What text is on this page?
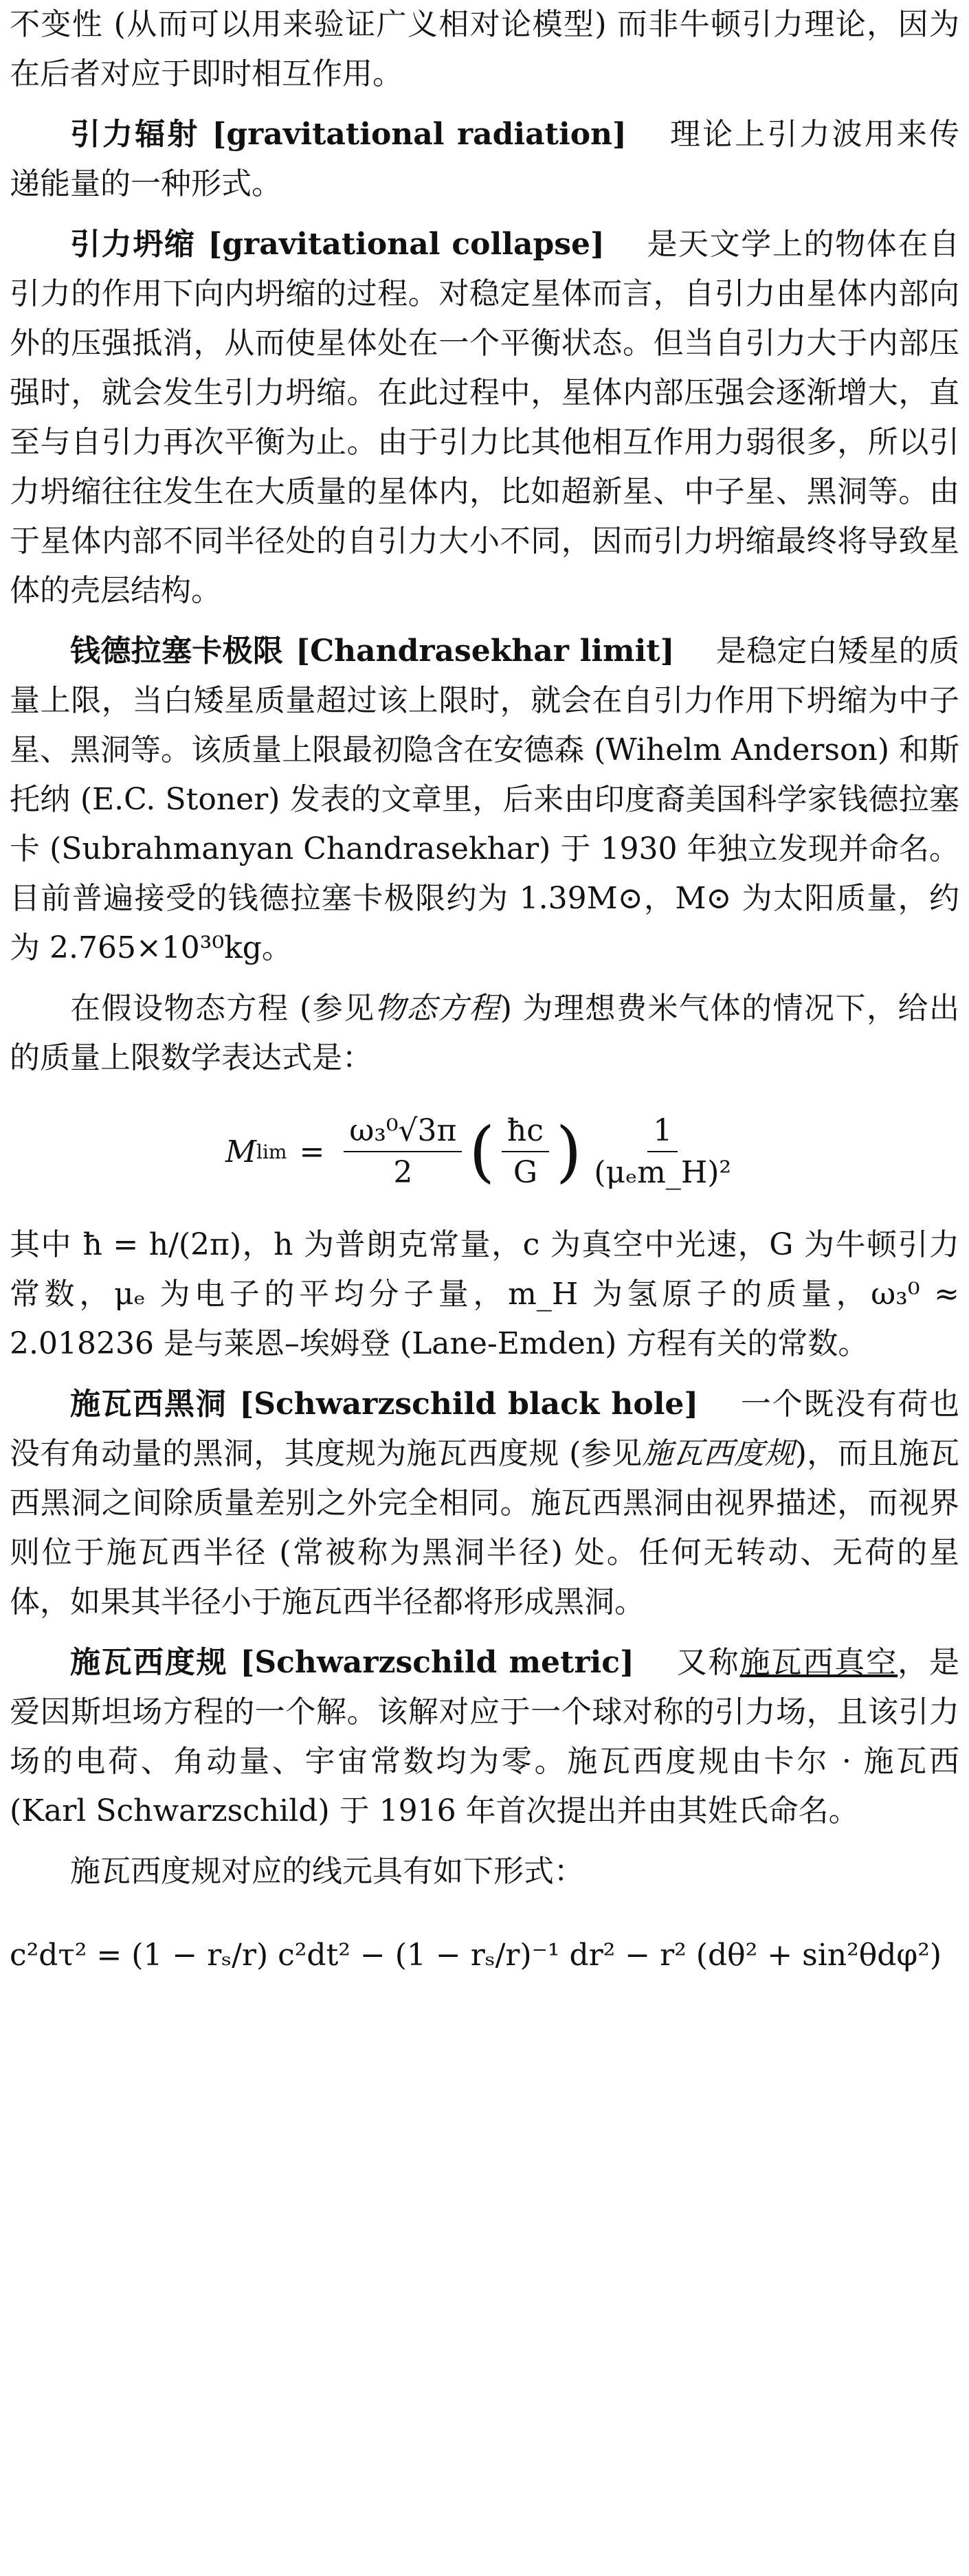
不变性 (从而可以用来验证广义相对论模型) 而非牛顿引力理论，因为在后者对应于即时相互作用。

引力辐射 [gravitational radiation] 理论上引力波用来传递能量的一种形式。

引力坍缩 [gravitational collapse] 是天文学上的物体在自引力的作用下向内坍缩的过程。对稳定星体而言，自引力由星体内部向外的压强抵消，从而使星体处在一个平衡状态。但当自引力大于内部压强时，就会发生引力坍缩。在此过程中，星体内部压强会逐渐增大，直至与自引力再次平衡为止。由于引力比其他相互作用力弱很多，所以引力坍缩往往发生在大质量的星体内，比如超新星、中子星、黑洞等。由于星体内部不同半径处的自引力大小不同，因而引力坍缩最终将导致星体的壳层结构。

钱德拉塞卡极限 [Chandrasekhar limit] 是稳定白矮星的质量上限，当白矮星质量超过该上限时，就会在自引力作用下坍缩为中子星、黑洞等。该质量上限最初隐含在安德森 (Wihelm Anderson) 和斯托纳 (E.C. Stoner) 发表的文章里，后来由印度裔美国科学家钱德拉塞卡 (Subrahmanyan Chandrasekhar) 于 1930 年独立发现并命名。目前普遍接受的钱德拉塞卡极限约为 1.39M⊙，M⊙ 为太阳质量，约为 2.765×10³⁰kg。

在假设物态方程 (参见物态方程) 为理想费米气体的情况下，给出的质量上限数学表达式是：

M $\lim = \frac{\text{ω₃⁰√3π}}{2}$ ( $\frac{ħc}{G}$ ) $\frac{1}{\text{(μₑm\_H)²}}$

其中 ħ = h/(2π)，h 为普朗克常量，c 为真空中光速，G 为牛顿引力常数，μₑ 为电子的平均分子量，m_H 为氢原子的质量，ω₃⁰ ≈ 2.018236 是与莱恩–埃姆登 (Lane-Emden) 方程有关的常数。

施瓦西黑洞 [Schwarzschild black hole] 一个既没有荷也没有角动量的黑洞，其度规为施瓦西度规 (参见施瓦西度规)，而且施瓦西黑洞之间除质量差别之外完全相同。施瓦西黑洞由视界描述，而视界则位于施瓦西半径 (常被称为黑洞半径) 处。任何无转动、无荷的星体，如果其半径小于施瓦西半径都将形成黑洞。

施瓦西度规 [Schwarzschild metric] 又称施瓦西真空，是爱因斯坦场方程的一个解。该解对应于一个球对称的引力场，且该引力场的电荷、角动量、宇宙常数均为零。施瓦西度规由卡尔 · 施瓦西 (Karl Schwarzschild) 于 1916 年首次提出并由其姓氏命名。

施瓦西度规对应的线元具有如下形式：

c²dτ² = (1 − rₛ/r) c²dt² − (1 − rₛ/r)⁻¹ dr² − r² (dθ² + sin²θdφ²)
